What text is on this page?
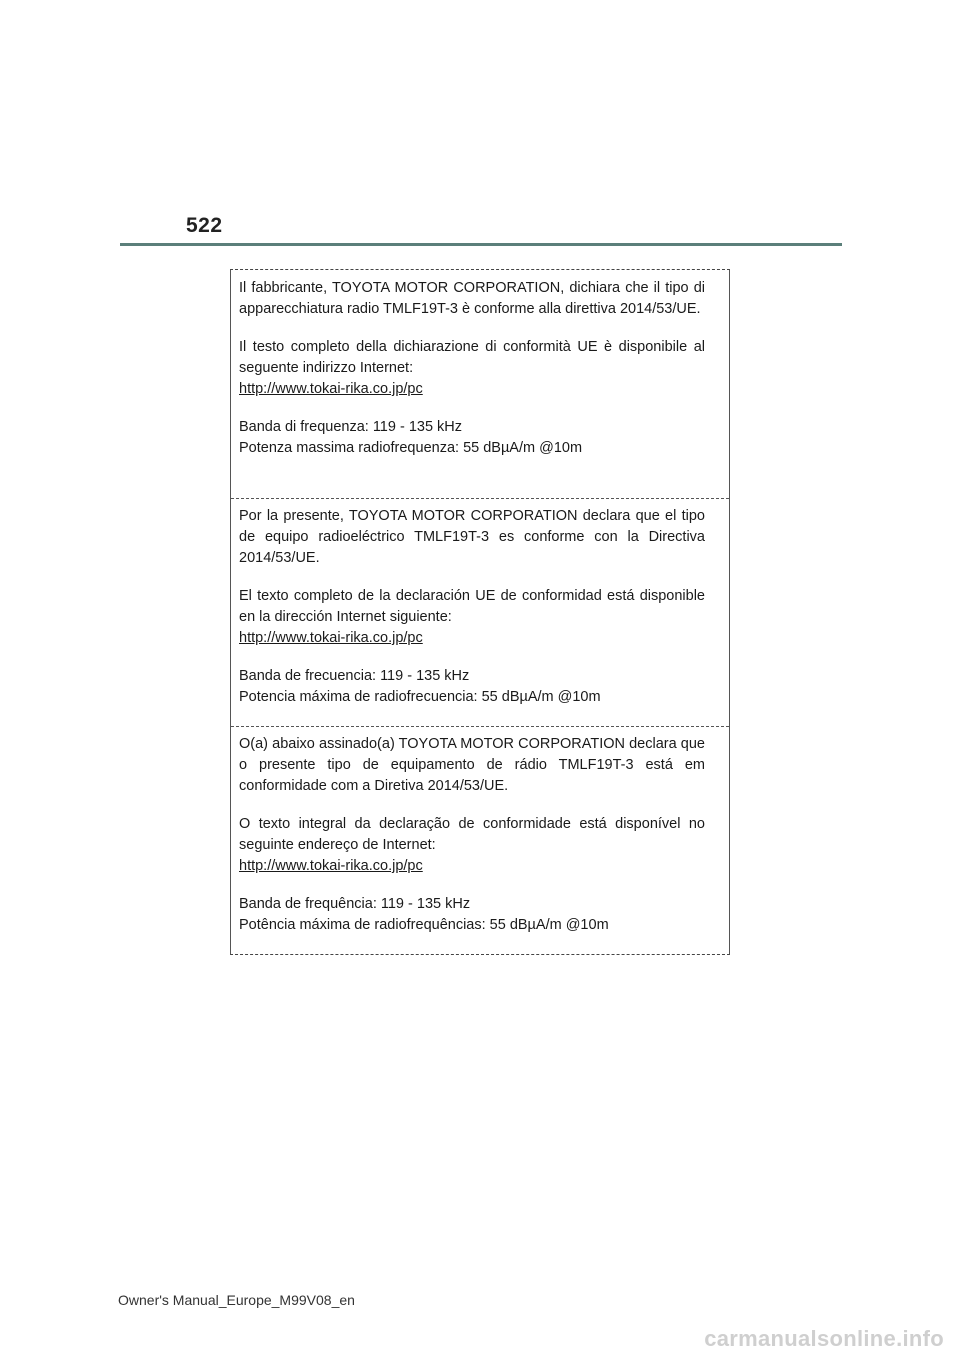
522

Il fabbricante, TOYOTA MOTOR CORPORATION, dichiara che il tipo di apparecchiatura radio TMLF19T-3 è conforme alla direttiva 2014/53/UE.

Il testo completo della dichiarazione di conformità UE è disponibile al seguente indirizzo Internet:
http://www.tokai-rika.co.jp/pc

Banda di frequenza: 119 - 135 kHz

Potenza massima radiofrequenza: 55 dBµA/m @10m

Por la presente, TOYOTA MOTOR CORPORATION declara que el tipo de equipo radioeléctrico TMLF19T-3 es conforme con la Directiva 2014/53/UE.

El texto completo de la declaración UE de conformidad está disponible en la dirección Internet siguiente:
http://www.tokai-rika.co.jp/pc

Banda de frecuencia: 119 - 135 kHz

Potencia máxima de radiofrecuencia: 55 dBµA/m @10m

O(a) abaixo assinado(a) TOYOTA MOTOR CORPORATION declara que o presente tipo de equipamento de rádio TMLF19T-3 está em conformidade com a Diretiva 2014/53/UE.

O texto integral da declaração de conformidade está disponível no seguinte endereço de Internet:
http://www.tokai-rika.co.jp/pc

Banda de frequência: 119 - 135 kHz

Potência máxima de radiofrequências: 55 dBµA/m @10m

Owner's Manual_Europe_M99V08_en
carmanualsonline.info
